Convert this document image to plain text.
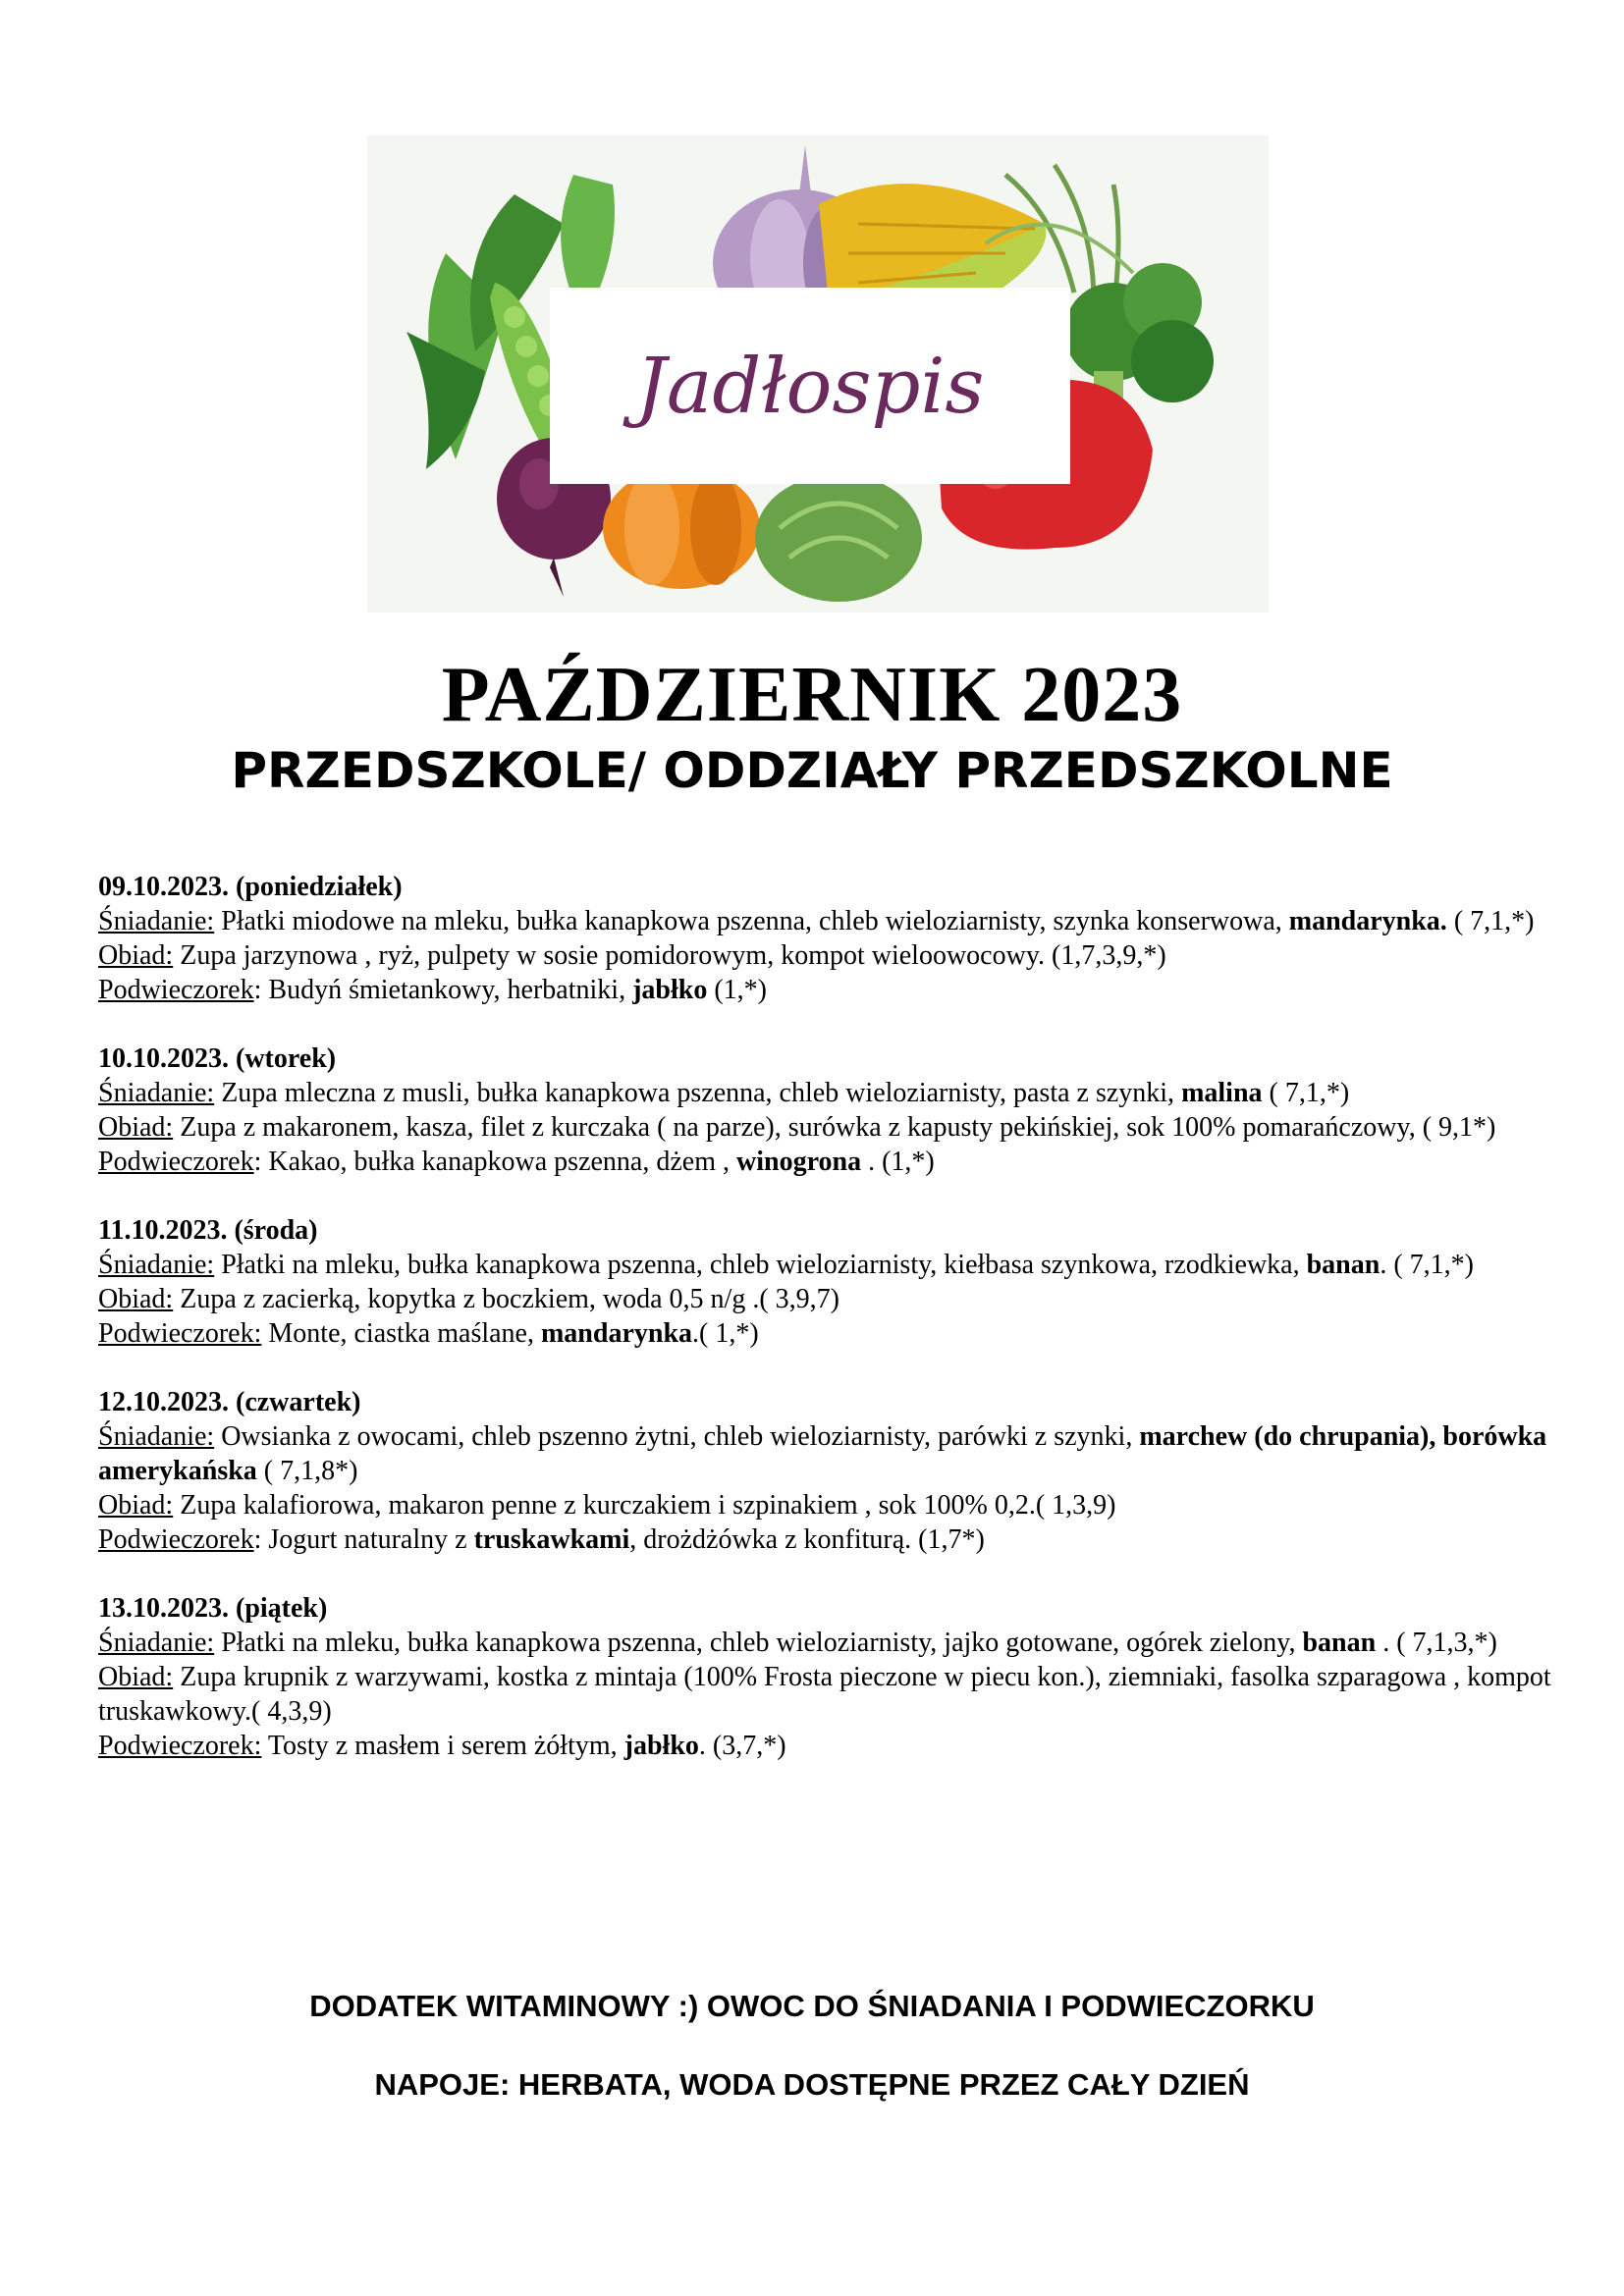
Jadłospis
PAŹDZIERNIK 2023
PRZEDSZKOLE/ ODDZIAŁY PRZEDSZKOLNE
09.10.2023. (poniedziałek)
Śniadanie: Płatki miodowe na mleku, bułka kanapkowa pszenna, chleb wieloziarnisty, szynka konserwowa, mandarynka. ( 7,1,*)
Obiad: Zupa jarzynowa , ryż, pulpety w sosie pomidorowym, kompot wieloowocowy. (1,7,3,9,*)
Podwieczorek: Budyń śmietankowy, herbatniki, jabłko (1,*)
10.10.2023. (wtorek)
Śniadanie: Zupa mleczna z musli, bułka kanapkowa pszenna, chleb wieloziarnisty, pasta z szynki, malina ( 7,1,*)
Obiad: Zupa z makaronem, kasza, filet z kurczaka ( na parze), surówka z kapusty pekińskiej, sok 100% pomarańczowy, ( 9,1*)
Podwieczorek: Kakao, bułka kanapkowa pszenna, dżem , winogrona . (1,*)
11.10.2023. (środa)
Śniadanie: Płatki na mleku, bułka kanapkowa pszenna, chleb wieloziarnisty, kiełbasa szynkowa, rzodkiewka, banan. ( 7,1,*)
Obiad: Zupa z zacierką, kopytka z boczkiem, woda 0,5 n/g .( 3,9,7)
Podwieczorek: Monte, ciastka maślane, mandarynka.( 1,*)
12.10.2023. (czwartek)
Śniadanie: Owsianka z owocami, chleb pszenno żytni, chleb wieloziarnisty, parówki z szynki, marchew (do chrupania), borówka amerykańska ( 7,1,8*)
Obiad: Zupa kalafiorowa, makaron penne z kurczakiem i szpinakiem , sok 100% 0,2.( 1,3,9)
Podwieczorek: Jogurt naturalny z truskawkami, drożdżówka z konfiturą. (1,7*)
13.10.2023. (piątek)
Śniadanie: Płatki na mleku, bułka kanapkowa pszenna, chleb wieloziarnisty, jajko gotowane, ogórek zielony, banan . ( 7,1,3,*)
Obiad: Zupa krupnik z warzywami, kostka z mintaja (100% Frosta pieczone w piecu kon.), ziemniaki, fasolka szparagowa , kompot truskawkowy.( 4,3,9)
Podwieczorek: Tosty z masłem i serem żółtym, jabłko. (3,7,*)
DODATEK WITAMINOWY :) OWOC DO ŚNIADANIA I PODWIECZORKU
NAPOJE: HERBATA, WODA DOSTĘPNE PRZEZ CAŁY DZIEŃ
